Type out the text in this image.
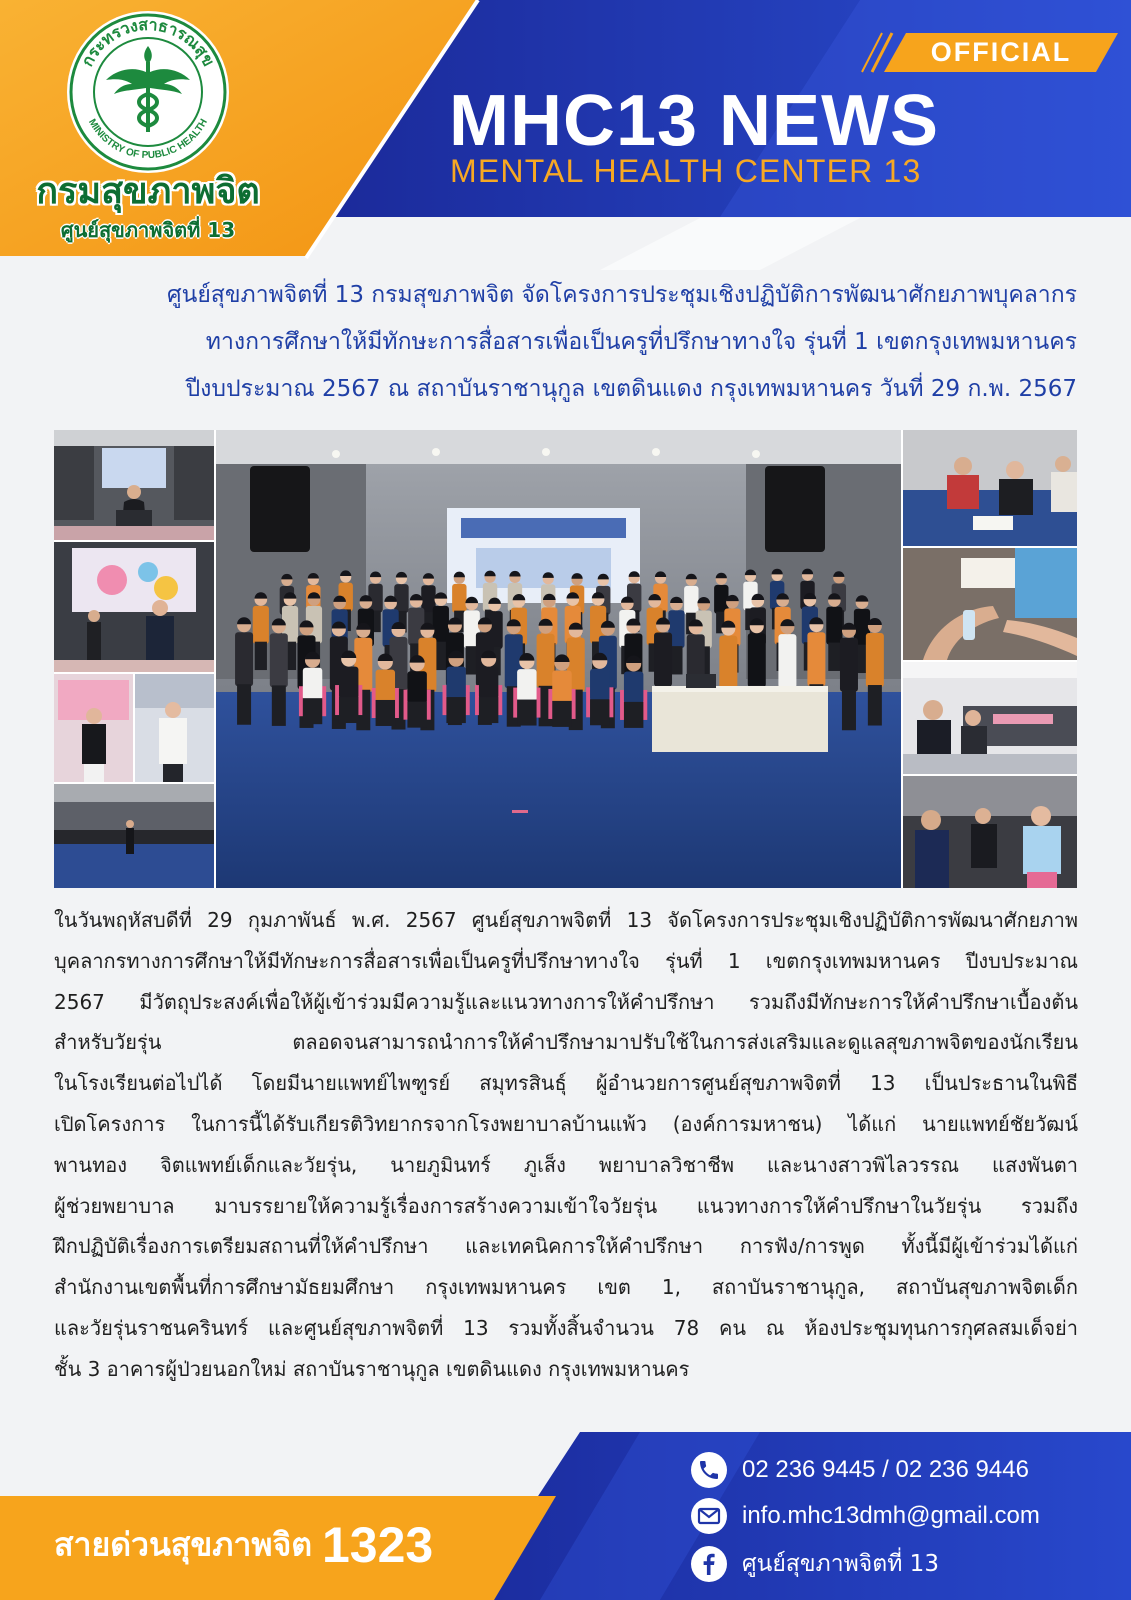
กระทรวงสาธารณสุข
MINISTRY OF PUBLIC HEALTH
กรมสุขภาพจิต
ศูนย์สุขภาพจิตที่ 13
OFFICIAL
MHC13 NEWS
MENTAL HEALTH CENTER 13
ศูนย์สุขภาพจิตที่ 13 กรมสุขภาพจิต จัดโครงการประชุมเชิงปฏิบัติการพัฒนาศักยภาพบุคลากร
ทางการศึกษาให้มีทักษะการสื่อสารเพื่อเป็นครูที่ปรึกษาทางใจ รุ่นที่ 1 เขตกรุงเทพมหานคร
ปีงบประมาณ 2567 ณ สถาบันราชานุกูล เขตดินแดง กรุงเทพมหานคร วันที่ 29 ก.พ. 2567
ในวันพฤหัสบดีที่ 29 กุมภาพันธ์ พ.ศ. 2567 ศูนย์สุขภาพจิตที่ 13 จัดโครงการประชุมเชิงปฏิบัติการพัฒนาศักยภาพ
บุคลากรทางการศึกษาให้มีทักษะการสื่อสารเพื่อเป็นครูที่ปรึกษาทางใจ รุ่นที่ 1 เขตกรุงเทพมหานคร ปีงบประมาณ
2567 มีวัตถุประสงค์เพื่อให้ผู้เข้าร่วมมีความรู้และแนวทางการให้คำปรึกษา รวมถึงมีทักษะการให้คำปรึกษาเบื้องต้น
สำหรับวัยรุ่น ตลอดจนสามารถนำการให้คำปรึกษามาปรับใช้ในการส่งเสริมและดูแลสุขภาพจิตของนักเรียน
ในโรงเรียนต่อไปได้ โดยมีนายแพทย์ไพฑูรย์ สมุทรสินธุ์ ผู้อำนวยการศูนย์สุขภาพจิตที่ 13 เป็นประธานในพิธี
เปิดโครงการ ในการนี้ได้รับเกียรติวิทยากรจากโรงพยาบาลบ้านแพ้ว (องค์การมหาชน) ได้แก่ นายแพทย์ชัยวัฒน์
พานทอง จิตแพทย์เด็กและวัยรุ่น, นายภูมินทร์ ภูเส็ง พยาบาลวิชาชีพ และนางสาวพิไลวรรณ แสงพันตา
ผู้ช่วยพยาบาล มาบรรยายให้ความรู้เรื่องการสร้างความเข้าใจวัยรุ่น แนวทางการให้คำปรึกษาในวัยรุ่น รวมถึง
ฝึกปฏิบัติเรื่องการเตรียมสถานที่ให้คำปรึกษา และเทคนิคการให้คำปรึกษา การฟัง/การพูด ทั้งนี้มีผู้เข้าร่วมได้แก่
สำนักงานเขตพื้นที่การศึกษามัธยมศึกษา กรุงเทพมหานคร เขต 1, สถาบันราชานุกูล, สถาบันสุขภาพจิตเด็ก
และวัยรุ่นราชนครินทร์ และศูนย์สุขภาพจิตที่ 13 รวมทั้งสิ้นจำนวน 78 คน ณ ห้องประชุมทุนการกุศลสมเด็จย่า
ชั้น 3 อาคารผู้ป่วยนอกใหม่ สถาบันราชานุกูล เขตดินแดง กรุงเทพมหานคร
สายด่วนสุขภาพจิต 1323
02 236 9445 / 02 236 9446
info.mhc13dmh@gmail.com
ศูนย์สุขภาพจิตที่ 13
